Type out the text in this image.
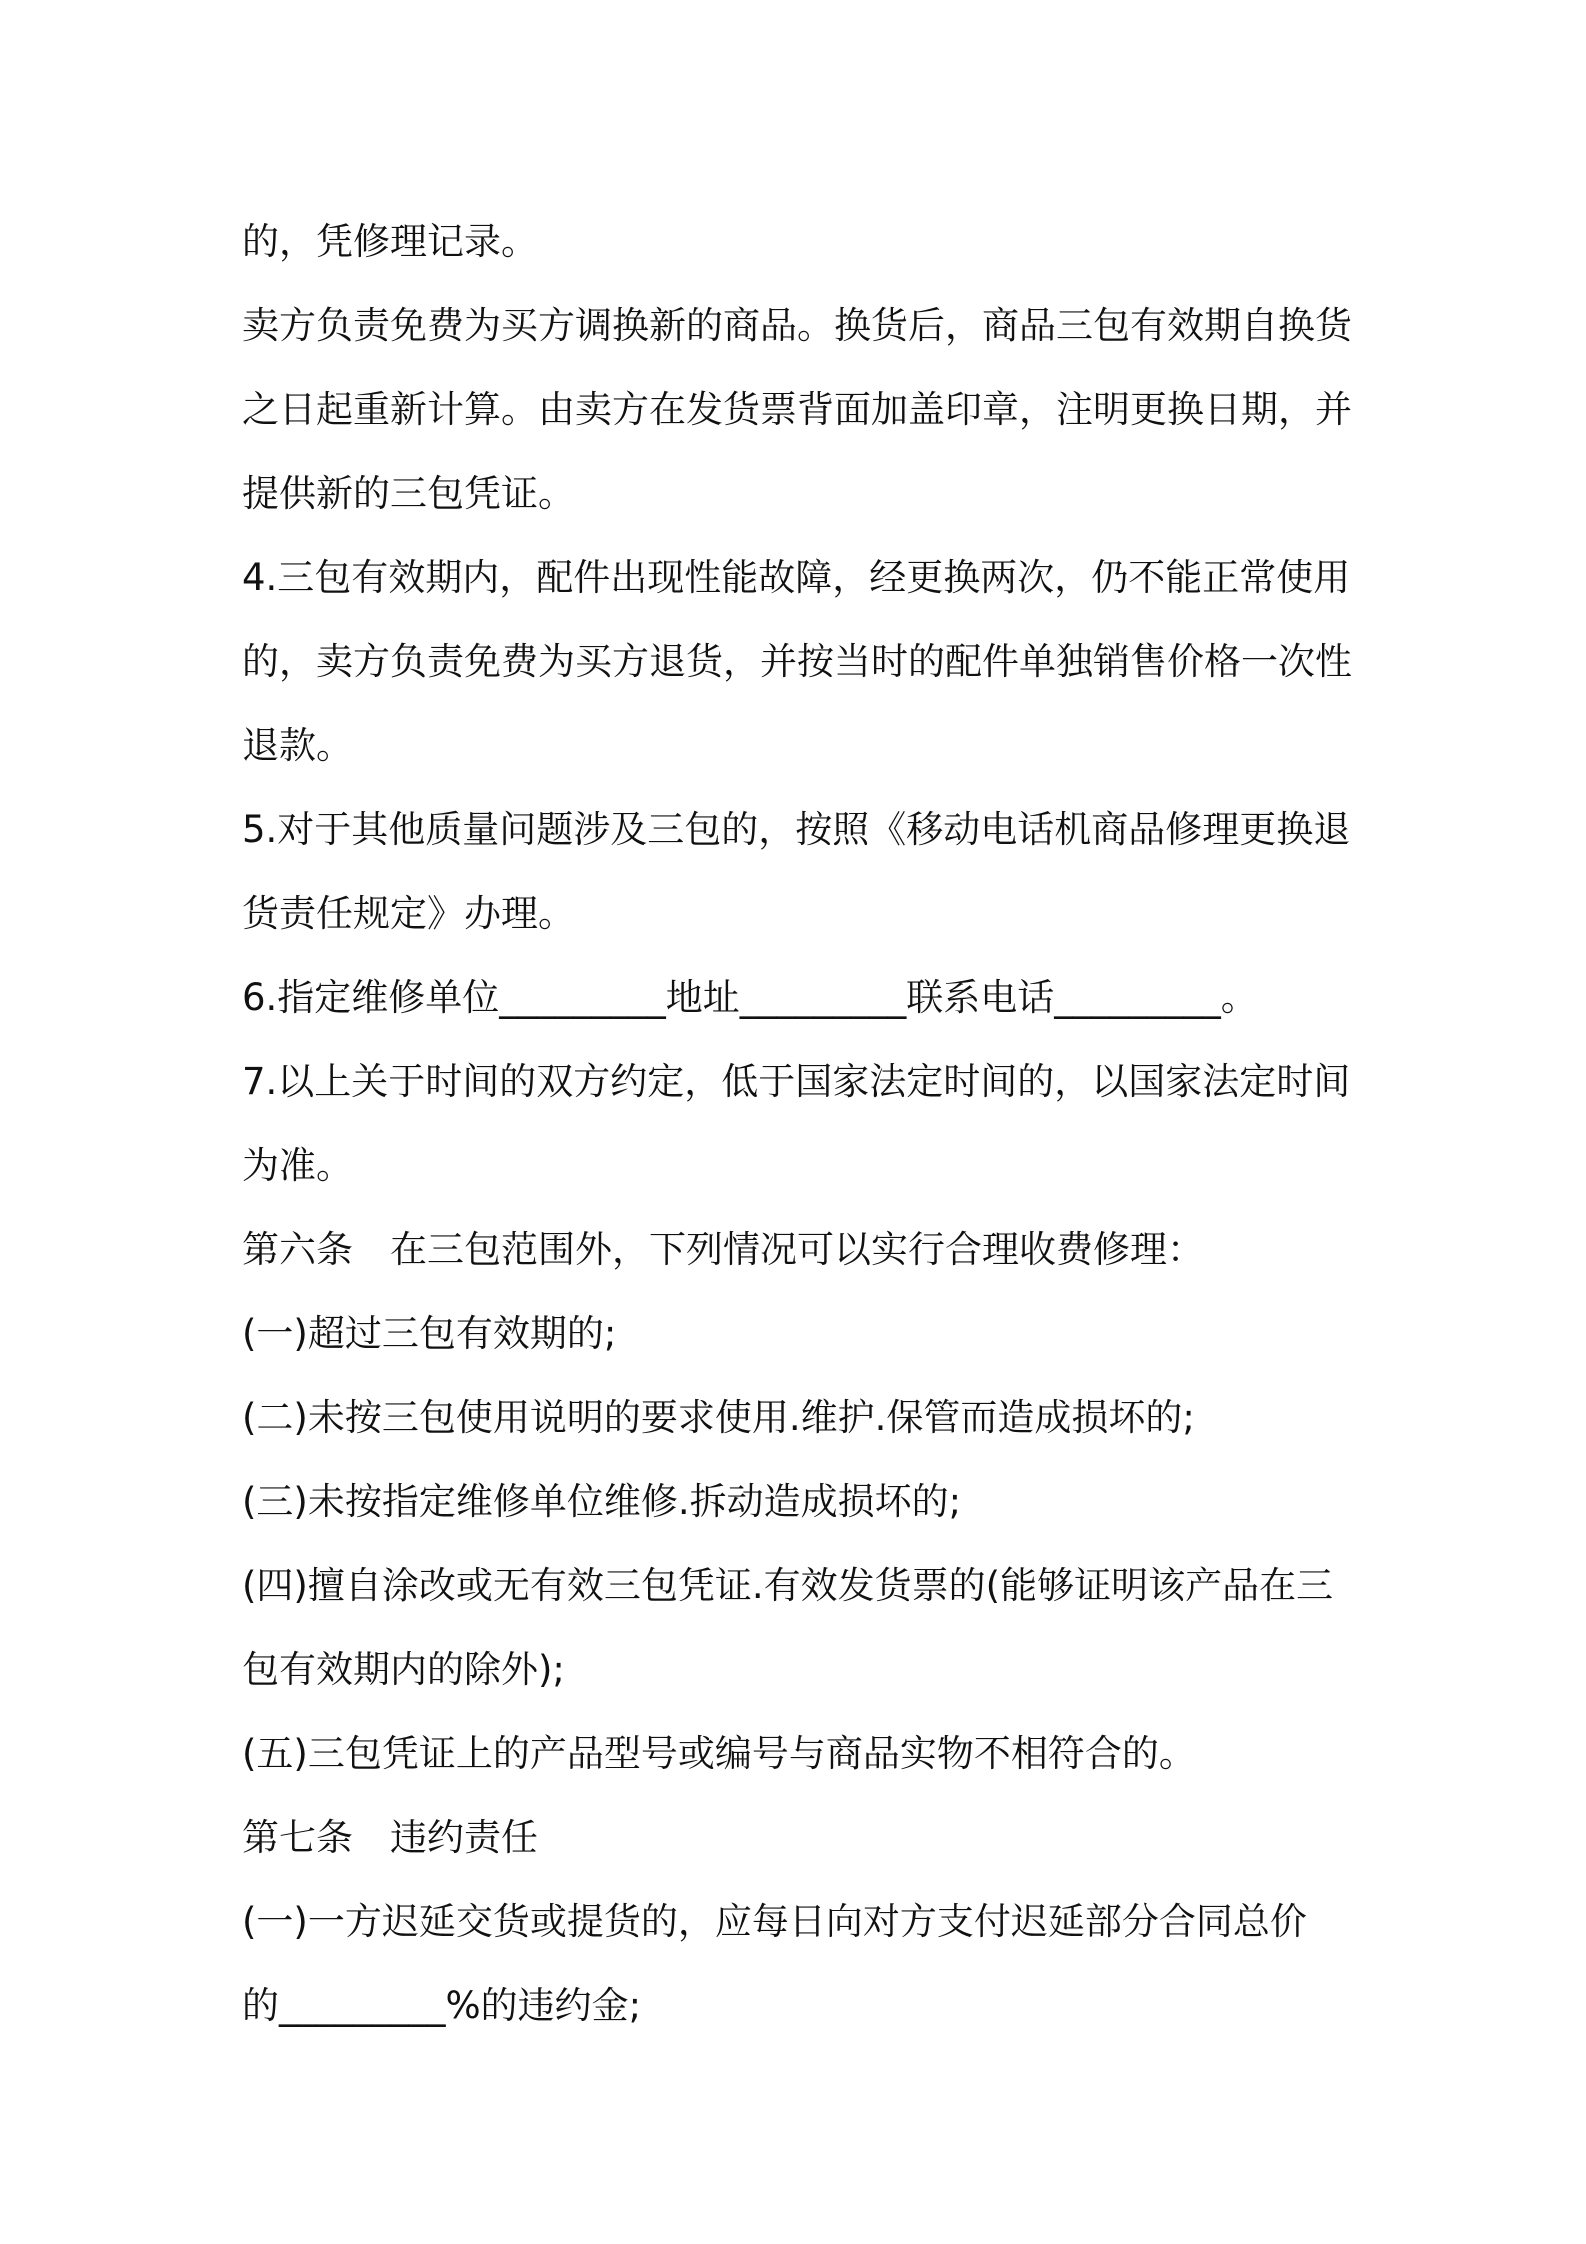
的，凭修理记录。
卖方负责免费为买方调换新的商品。换货后，商品三包有效期自换货
之日起重新计算。由卖方在发货票背面加盖印章，注明更换日期，并
提供新的三包凭证。
4.三包有效期内，配件出现性能故障，经更换两次，仍不能正常使用
的，卖方负责免费为买方退货，并按当时的配件单独销售价格一次性
退款。
5.对于其他质量问题涉及三包的，按照《移动电话机商品修理更换退
货责任规定》办理。
6.指定维修单位_________地址_________联系电话_________。
7.以上关于时间的双方约定，低于国家法定时间的，以国家法定时间
为准。
第六条　在三包范围外，下列情况可以实行合理收费修理：
(一)超过三包有效期的;
(二)未按三包使用说明的要求使用.维护.保管而造成损坏的;
(三)未按指定维修单位维修.拆动造成损坏的;
(四)擅自涂改或无有效三包凭证.有效发货票的(能够证明该产品在三
包有效期内的除外);
(五)三包凭证上的产品型号或编号与商品实物不相符合的。
第七条　违约责任
(一)一方迟延交货或提货的，应每日向对方支付迟延部分合同总价
的_________%的违约金;
